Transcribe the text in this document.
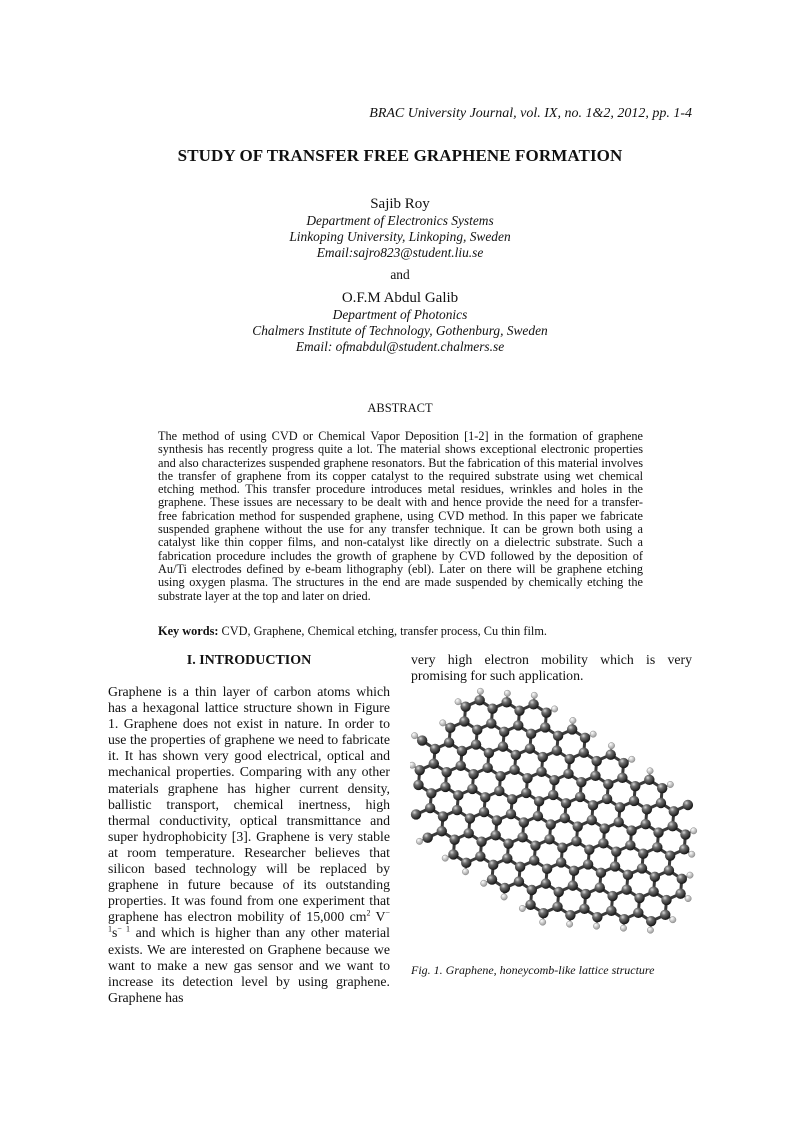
BRAC University Journal, vol. IX, no. 1&2, 2012, pp. 1-4
STUDY OF TRANSFER FREE GRAPHENE FORMATION
Sajib Roy
Department of Electronics Systems
Linkoping University, Linkoping, Sweden
Email:sajro823@student.liu.se
and
O.F.M Abdul Galib
Department of Photonics
Chalmers Institute of Technology, Gothenburg, Sweden
Email: ofmabdul@student.chalmers.se
ABSTRACT
The method of using CVD or Chemical Vapor Deposition [1-2] in the formation of graphene synthesis has recently progress quite a lot. The material shows exceptional electronic properties and also characterizes suspended graphene resonators. But the fabrication of this material involves the transfer of graphene from its copper catalyst to the required substrate using wet chemical etching method. This transfer procedure introduces metal residues, wrinkles and holes in the graphene. These issues are necessary to be dealt with and hence provide the need for a transfer-free fabrication method for suspended graphene, using CVD method. In this paper we fabricate suspended graphene without the use for any transfer technique. It can be grown both using a catalyst like thin copper films, and non-catalyst like directly on a dielectric substrate. Such a fabrication procedure includes the growth of graphene by CVD followed by the deposition of Au/Ti electrodes defined by e-beam lithography (ebl). Later on there will be graphene etching using oxygen plasma. The structures in the end are made suspended by chemically etching the substrate layer at the top and later on dried.
Key words: CVD, Graphene, Chemical etching, transfer process, Cu thin film.
I. INTRODUCTION
Graphene is a thin layer of carbon atoms which has a hexagonal lattice structure shown in Figure 1. Graphene does not exist in nature. In order to use the properties of graphene we need to fabricate it. It has shown very good electrical, optical and mechanical properties. Comparing with any other materials graphene has higher current density, ballistic transport, chemical inertness, high thermal conductivity, optical transmittance and super hydrophobicity [3]. Graphene is very stable at room temperature. Researcher believes that silicon based technology will be replaced by graphene in future because of its outstanding properties. It was found from one experiment that graphene has electron mobility of 15,000 $cm^2$ $V^{- 1}s^{- 1}$ and which is higher than any other material exists. We are interested on Graphene because we want to make a new gas sensor and we want to increase its detection level by using graphene. Graphene has
very high electron mobility which is very promising for such application.
Fig. 1. Graphene, honeycomb-like lattice structure
